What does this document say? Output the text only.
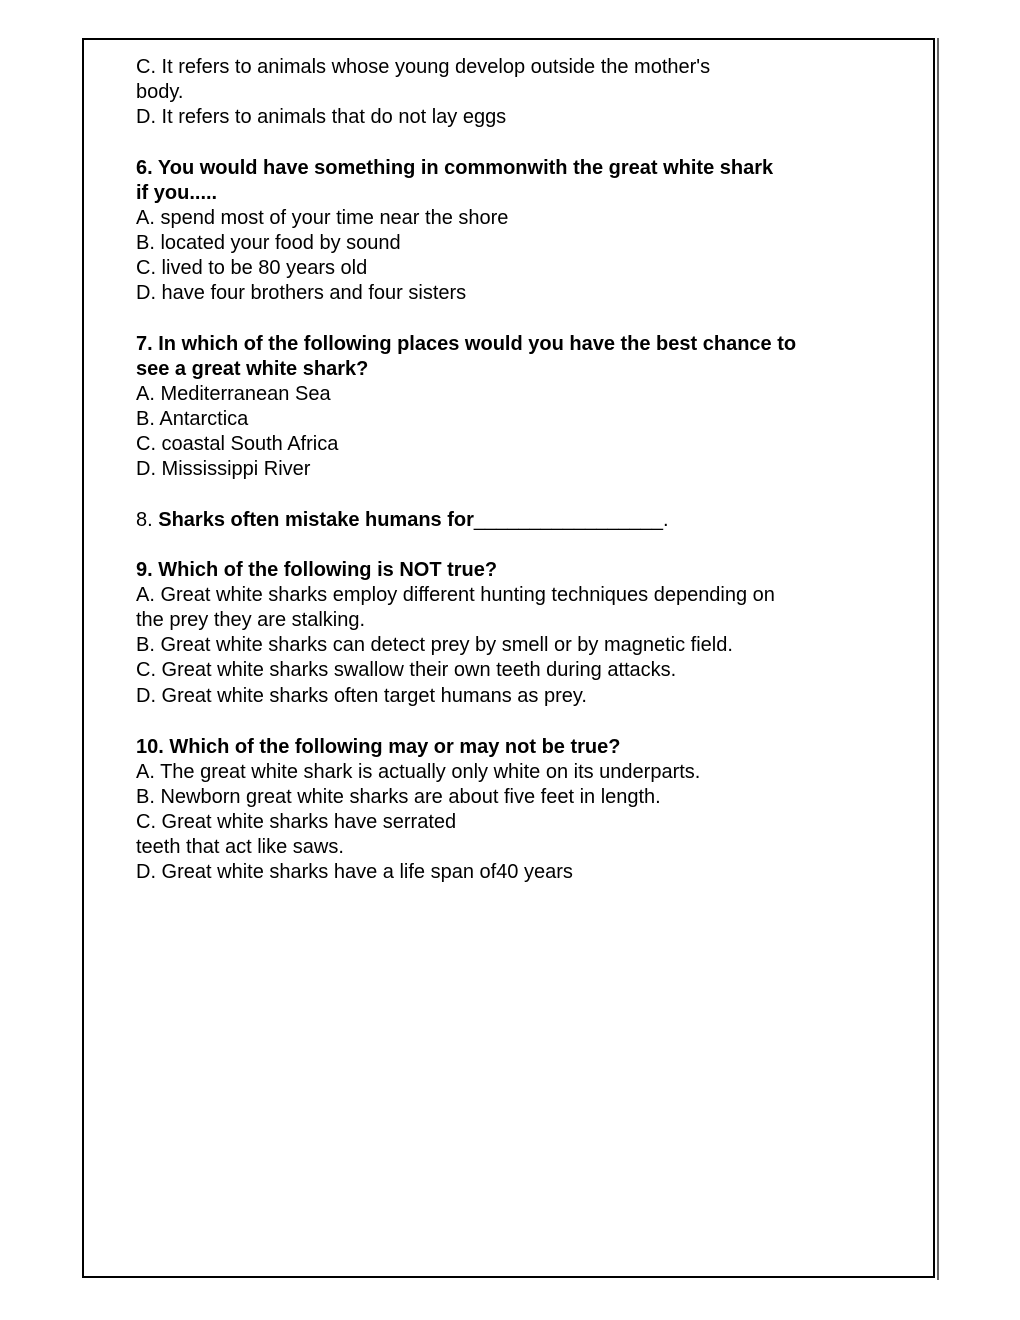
C. It refers to animals whose young develop outside the mother's
body.
D. It refers to animals that do not lay eggs
6. You would have something in commonwith the great white shark
if you.....
A. spend most of your time near the shore
B. located your food by sound
C. lived to be 80 years old
D. have four brothers and four sisters
7. In which of the following places would you have the best chance to
see a great white shark?
A. Mediterranean Sea
B. Antarctica
C. coastal South Africa
D. Mississippi River
8. Sharks often mistake humans for_________________.
9. Which of the following is NOT true?
A. Great white sharks employ different hunting techniques depending on
the prey they are stalking.
B. Great white sharks can detect prey by smell or by magnetic field.
C. Great white sharks swallow their own teeth during attacks.
D. Great white sharks often target humans as prey.
10. Which of the following may or may not be true?
A. The great white shark is actually only white on its underparts.
B. Newborn great white sharks are about five feet in length.
C. Great white sharks have serrated
teeth that act like saws.
D. Great white sharks have a life span of40 years
